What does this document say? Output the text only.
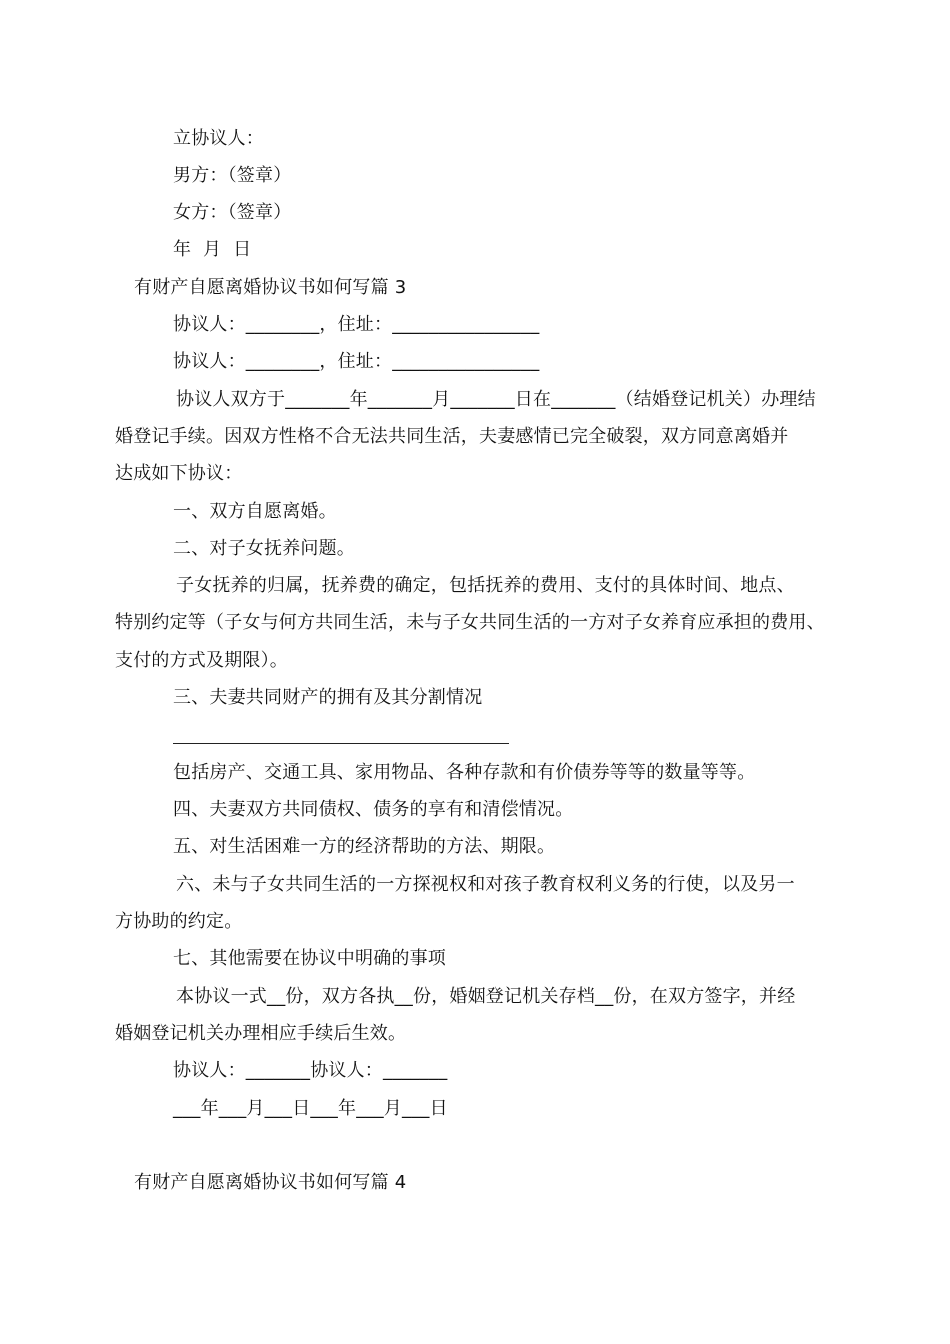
立协议人：
男方：（签章）
女方：（签章）
年  月  日
有财产自愿离婚协议书如何写篇 3
协议人：________，住址：________________
协议人：________，住址：________________
协议人双方于_______年_______月_______日在_______（结婚登记机关）办理结
婚登记手续。因双方性格不合无法共同生活，夫妻感情已完全破裂，双方同意离婚并
达成如下协议：
一、双方自愿离婚。
二、对子女抚养问题。
子女抚养的归属，抚养费的确定，包括抚养的费用、支付的具体时间、地点、
特别约定等（子女与何方共同生活，未与子女共同生活的一方对子女养育应承担的费用、
支付的方式及期限）。
三、夫妻共同财产的拥有及其分割情况
包括房产、交通工具、家用物品、各种存款和有价债券等等的数量等等。
四、夫妻双方共同债权、债务的享有和清偿情况。
五、对生活困难一方的经济帮助的方法、期限。
六、未与子女共同生活的一方探视权和对孩子教育权利义务的行使，以及另一
方协助的约定。
七、其他需要在协议中明确的事项
本协议一式__份，双方各执__份，婚姻登记机关存档__份，在双方签字，并经
婚姻登记机关办理相应手续后生效。
协议人：_______协议人：_______
___年___月___日___年___月___日
有财产自愿离婚协议书如何写篇 4
